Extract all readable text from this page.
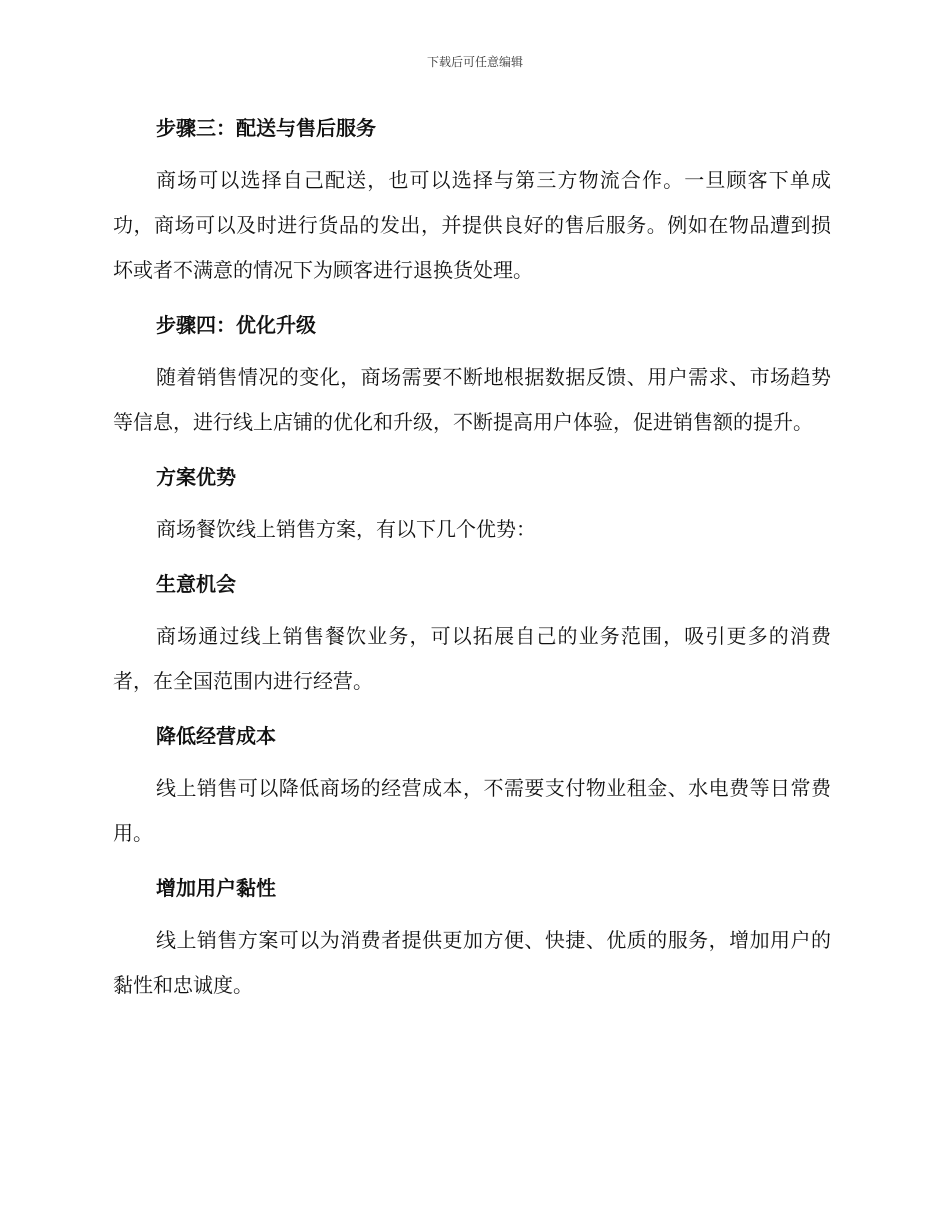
下载后可任意编辑
步骤三：配送与售后服务

商场可以选择自己配送，也可以选择与第三方物流合作。一旦顾客下单成功，商场可以及时进行货品的发出，并提供良好的售后服务。例如在物品遭到损坏或者不满意的情况下为顾客进行退换货处理。

步骤四：优化升级

随着销售情况的变化，商场需要不断地根据数据反馈、用户需求、市场趋势等信息，进行线上店铺的优化和升级，不断提高用户体验，促进销售额的提升。

方案优势

商场餐饮线上销售方案，有以下几个优势：

生意机会

商场通过线上销售餐饮业务，可以拓展自己的业务范围，吸引更多的消费者，在全国范围内进行经营。

降低经营成本

线上销售可以降低商场的经营成本，不需要支付物业租金、水电费等日常费用。

增加用户黏性

线上销售方案可以为消费者提供更加方便、快捷、优质的服务，增加用户的黏性和忠诚度。
